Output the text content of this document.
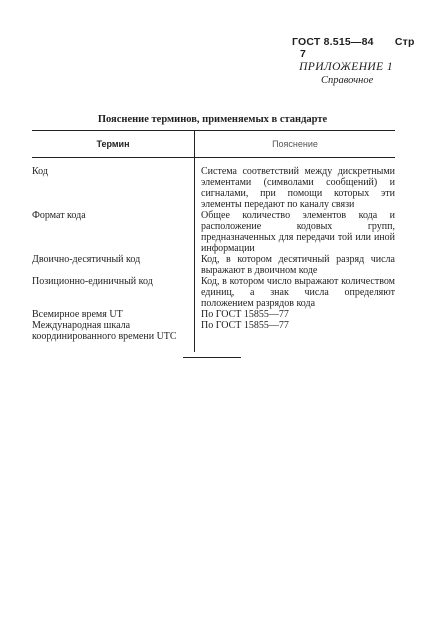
ГОСТ 8.515—84 Стр 7
ПРИЛОЖЕНИЕ 1
Справочное
Пояснение терминов, применяемых в стандарте
Термин	Пояснение
Код	Система соответствий между дискретными элементами (символами сообщений) и сигналами, при помощи которых эти элементы передают по каналу связи
Формат кода	Общее количество элементов кода и расположение кодовых групп, предназначенных для передачи той или иной информации
Двоично-десятичный код	Код, в котором десятичный разряд числа выражают в двоичном коде
Позиционно-единичный код	Код, в котором число выражают количеством единиц, а знак числа определяют положением разрядов кода
Всемирное время UT	По ГОСТ 15855—77
Международная шкала координированного времени UTC	По ГОСТ 15855—77
